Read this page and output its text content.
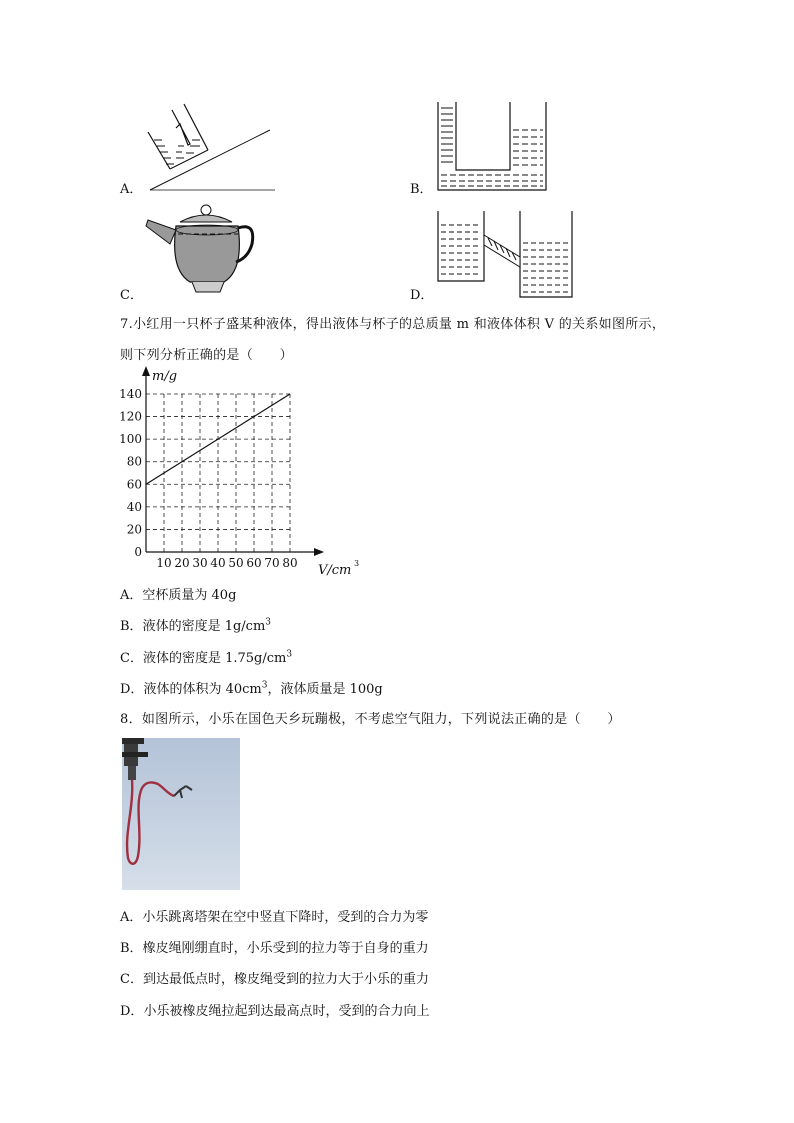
A．	B．
C．	D．
7.小红用一只杯子盛某种液体，得出液体与杯子的总质量 m 和液体体积 V 的关系如图所示，
则下列分析正确的是（　　）
0
20
40
60
80
100
120
140
10 20 30 40 50 60 70 80
m/g
V/cm 3
A．空杯质量为 40g
B．液体的密度是 $1g/cm^3$
C．液体的密度是 $1.75g/cm^3$
D．液体的体积为 $40cm^3$，液体质量是 100g
8．如图所示，小乐在国色天乡玩蹦极，不考虑空气阻力，下列说法正确的是（　　）
A．小乐跳离塔架在空中竖直下降时，受到的合力为零
B．橡皮绳刚绷直时，小乐受到的拉力等于自身的重力
C．到达最低点时，橡皮绳受到的拉力大于小乐的重力
D．小乐被橡皮绳拉起到达最高点时，受到的合力向上
